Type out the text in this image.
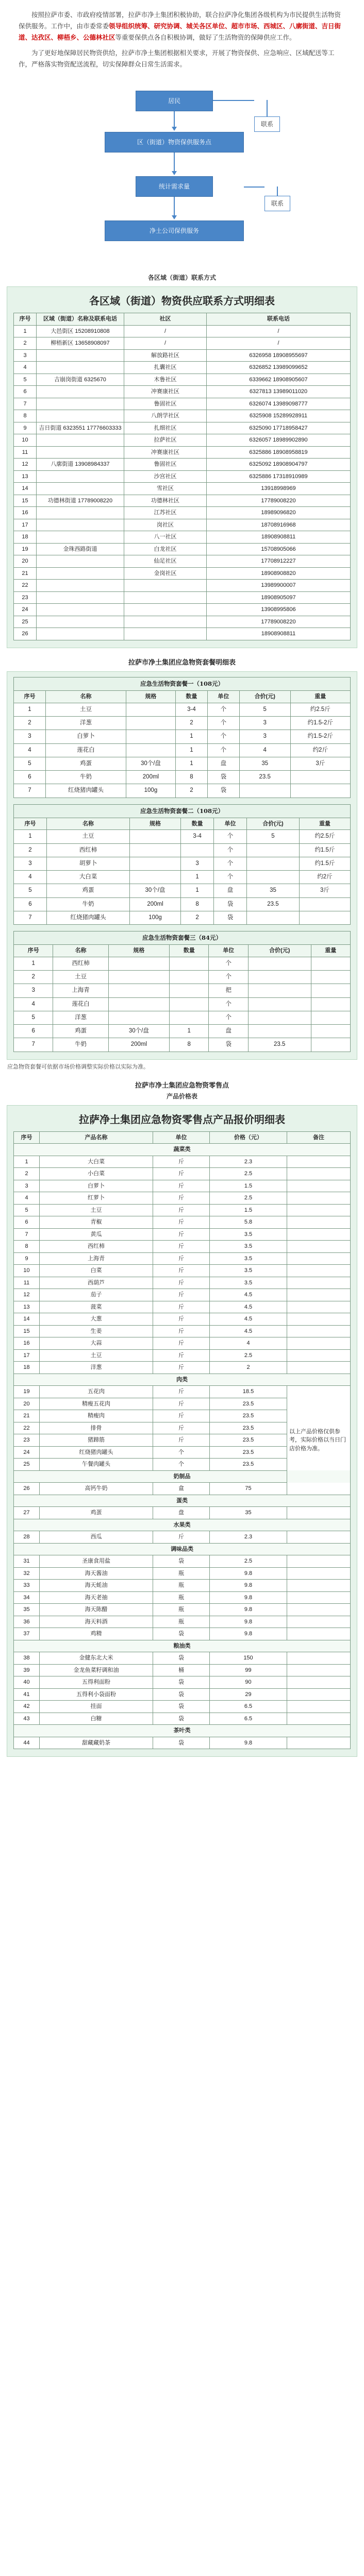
按照拉萨市委、市政府疫情部署，拉萨市净土集团积极协助，联合拉萨净化集团各级机构为市民提供生活物资保供服务。工作中，由市委常委领导组织统筹、研究协调、城关各区单位、超市市场、西城区、八廓街道、吉日街道、达孜区、柳梧乡、公德林社区等重要保供点各自积极协调，做好了生活物资的保障供应工作。
为了更好地保障居民物资供给，拉萨市净土集团根据相关要求，开展了物资保供、应急响应、区域配送等工作，严格落实物资配送流程，切实保障群众日常生活需求。
居民
区（街道）物资保供服务点
统计需求量
净土公司保供服务
联系
联系
各区域（街道）联系方式
各区域（街道）物资供应联系方式明细表
序号	区域（街道）名称及联系电话	社区	联系电话
1	大邑街区 15208910808	/	/
2	柳梧新区 13658908097	/	/
3		解放路社区	6326958 18908955697
4		扎囊社区	6326852 13989099652
5	吉崩岗街道 6325670	木鲁社区	6339662 18908905607
6		冲赛康社区	6327813 13989011020
7		鲁固社区	6326074 13989098777
8		八朗学社区	6325908 15289928911
9	吉日街道 6323551 17776603333	扎细社区	6325090 17718958427
10		拉萨社区	6326057 18989902890
11		冲赛康社区	6325886 18908958819
12	八廓街道 13908984337	鲁固社区	6325092 18908904797
13		沙宫社区	6325886 17318910989
14		雪社区	13918998969
15	功德林街道 17789008220	功德林社区	17789008220
16		江苏社区	18989096820
17		岗社区	18708916968
18		八一社区	18908908811
19	金珠西路街道	白龙社区	15708905066
20		仙足社区	17708912227
21		金岗社区	18908908820
22			13989900007
23			18908905097
24			13908995806
25			17789008220
26			18908908811
拉萨市净土集团应急物资套餐明细表
应急生活物资套餐一（108元）						
序号	名称	规格	数量	单位	合价(元)	重量
1	土豆		3-4	个	5	约2.5斤
2	洋葱		2	个	3	约1.5-2斤
3	白萝卜		1	个	3	约1.5-2斤
4	莲花白		1	个	4	约2斤
5	鸡蛋	30个/盘	1	盘	35	3斤
6	牛奶	200ml	8	袋	23.5	
7	红烧猪肉罐头	100g	2	袋		
应急生活物资套餐二（108元）						
序号	名称	规格	数量	单位	合价(元)	重量
1	土豆		3-4	个	5	约2.5斤
2	西红柿			个		约1.5斤
3	胡萝卜		3	个		约1.5斤
4	大白菜		1	个		约2斤
5	鸡蛋	30个/盘	1	盘	35	3斤
6	牛奶	200ml	8	袋	23.5	
7	红烧猪肉罐头	100g	2	袋		
应急生活物资套餐三（84元）						
序号	名称	规格	数量	单位	合价(元)	重量
1	西红柿			个		
2	土豆			个		
3	上海青			把		
4	莲花白			个		
5	洋葱			个		
6	鸡蛋	30个/盘	1	盘		
7	牛奶	200ml	8	袋	23.5	
应急物资套餐可依据市场价格调整实际价格以实际为准。
拉萨市净土集团应急物资零售点
产品价格表
拉萨净土集团应急物资零售点产品报价明细表
序号	产品名称	单位	价格（元）	备注
蔬菜类				
1	大白菜	斤	2.3	
2	小白菜	斤	2.5	
3	白萝卜	斤	1.5	
4	红萝卜	斤	2.5	
5	土豆	斤	1.5	
6	青椒	斤	5.8	
7	黄瓜	斤	3.5	
8	西红柿	斤	3.5	
9	上海青	斤	3.5	
10	白菜	斤	3.5	
11	西葫芦	斤	3.5	
12	茄子	斤	4.5	
13	菠菜	斤	4.5	
14	大葱	斤	4.5	
15	生姜	斤	4.5	
16	大蒜	斤	4	
17	土豆	斤	2.5	
18	洋葱	斤	2	
肉类				
19	五花肉	斤	18.5	以上产品价格仅供参考，实际价格以当日门店价格为准。
20	精瘦五花肉	斤	23.5	
21	精瘦肉	斤	23.5	
22	排骨	斤	23.5	
23	猪蹄筋	斤	23.5	
24	红烧猪肉罐头	个	23.5	
25	午餐肉罐头	个	23.5	
奶制品				
26	高钙牛奶	盒	75	
蛋类				
27	鸡蛋	盘	35	
水果类				
28	西瓜	斤	2.3	
调味品类				
31	圣康食用盐	袋	2.5	
32	海天酱油	瓶	9.8	
33	海天蚝油	瓶	9.8	
34	海天老抽	瓶	9.8	
35	海天陈醋	瓶	9.8	
36	海天料酒	瓶	9.8	
37	鸡精	袋	9.8	
粮油类				
38	金健东北大米	袋	150	
39	金龙鱼菜籽调和油	桶	99	
40	五得利面粉	袋	90	
41	五得利小袋面粉	袋	29	
42	挂面	袋	6.5	
43	白糖	袋	6.5	
茶叶类				
44	甜藏藏奶茶	袋	9.8	
